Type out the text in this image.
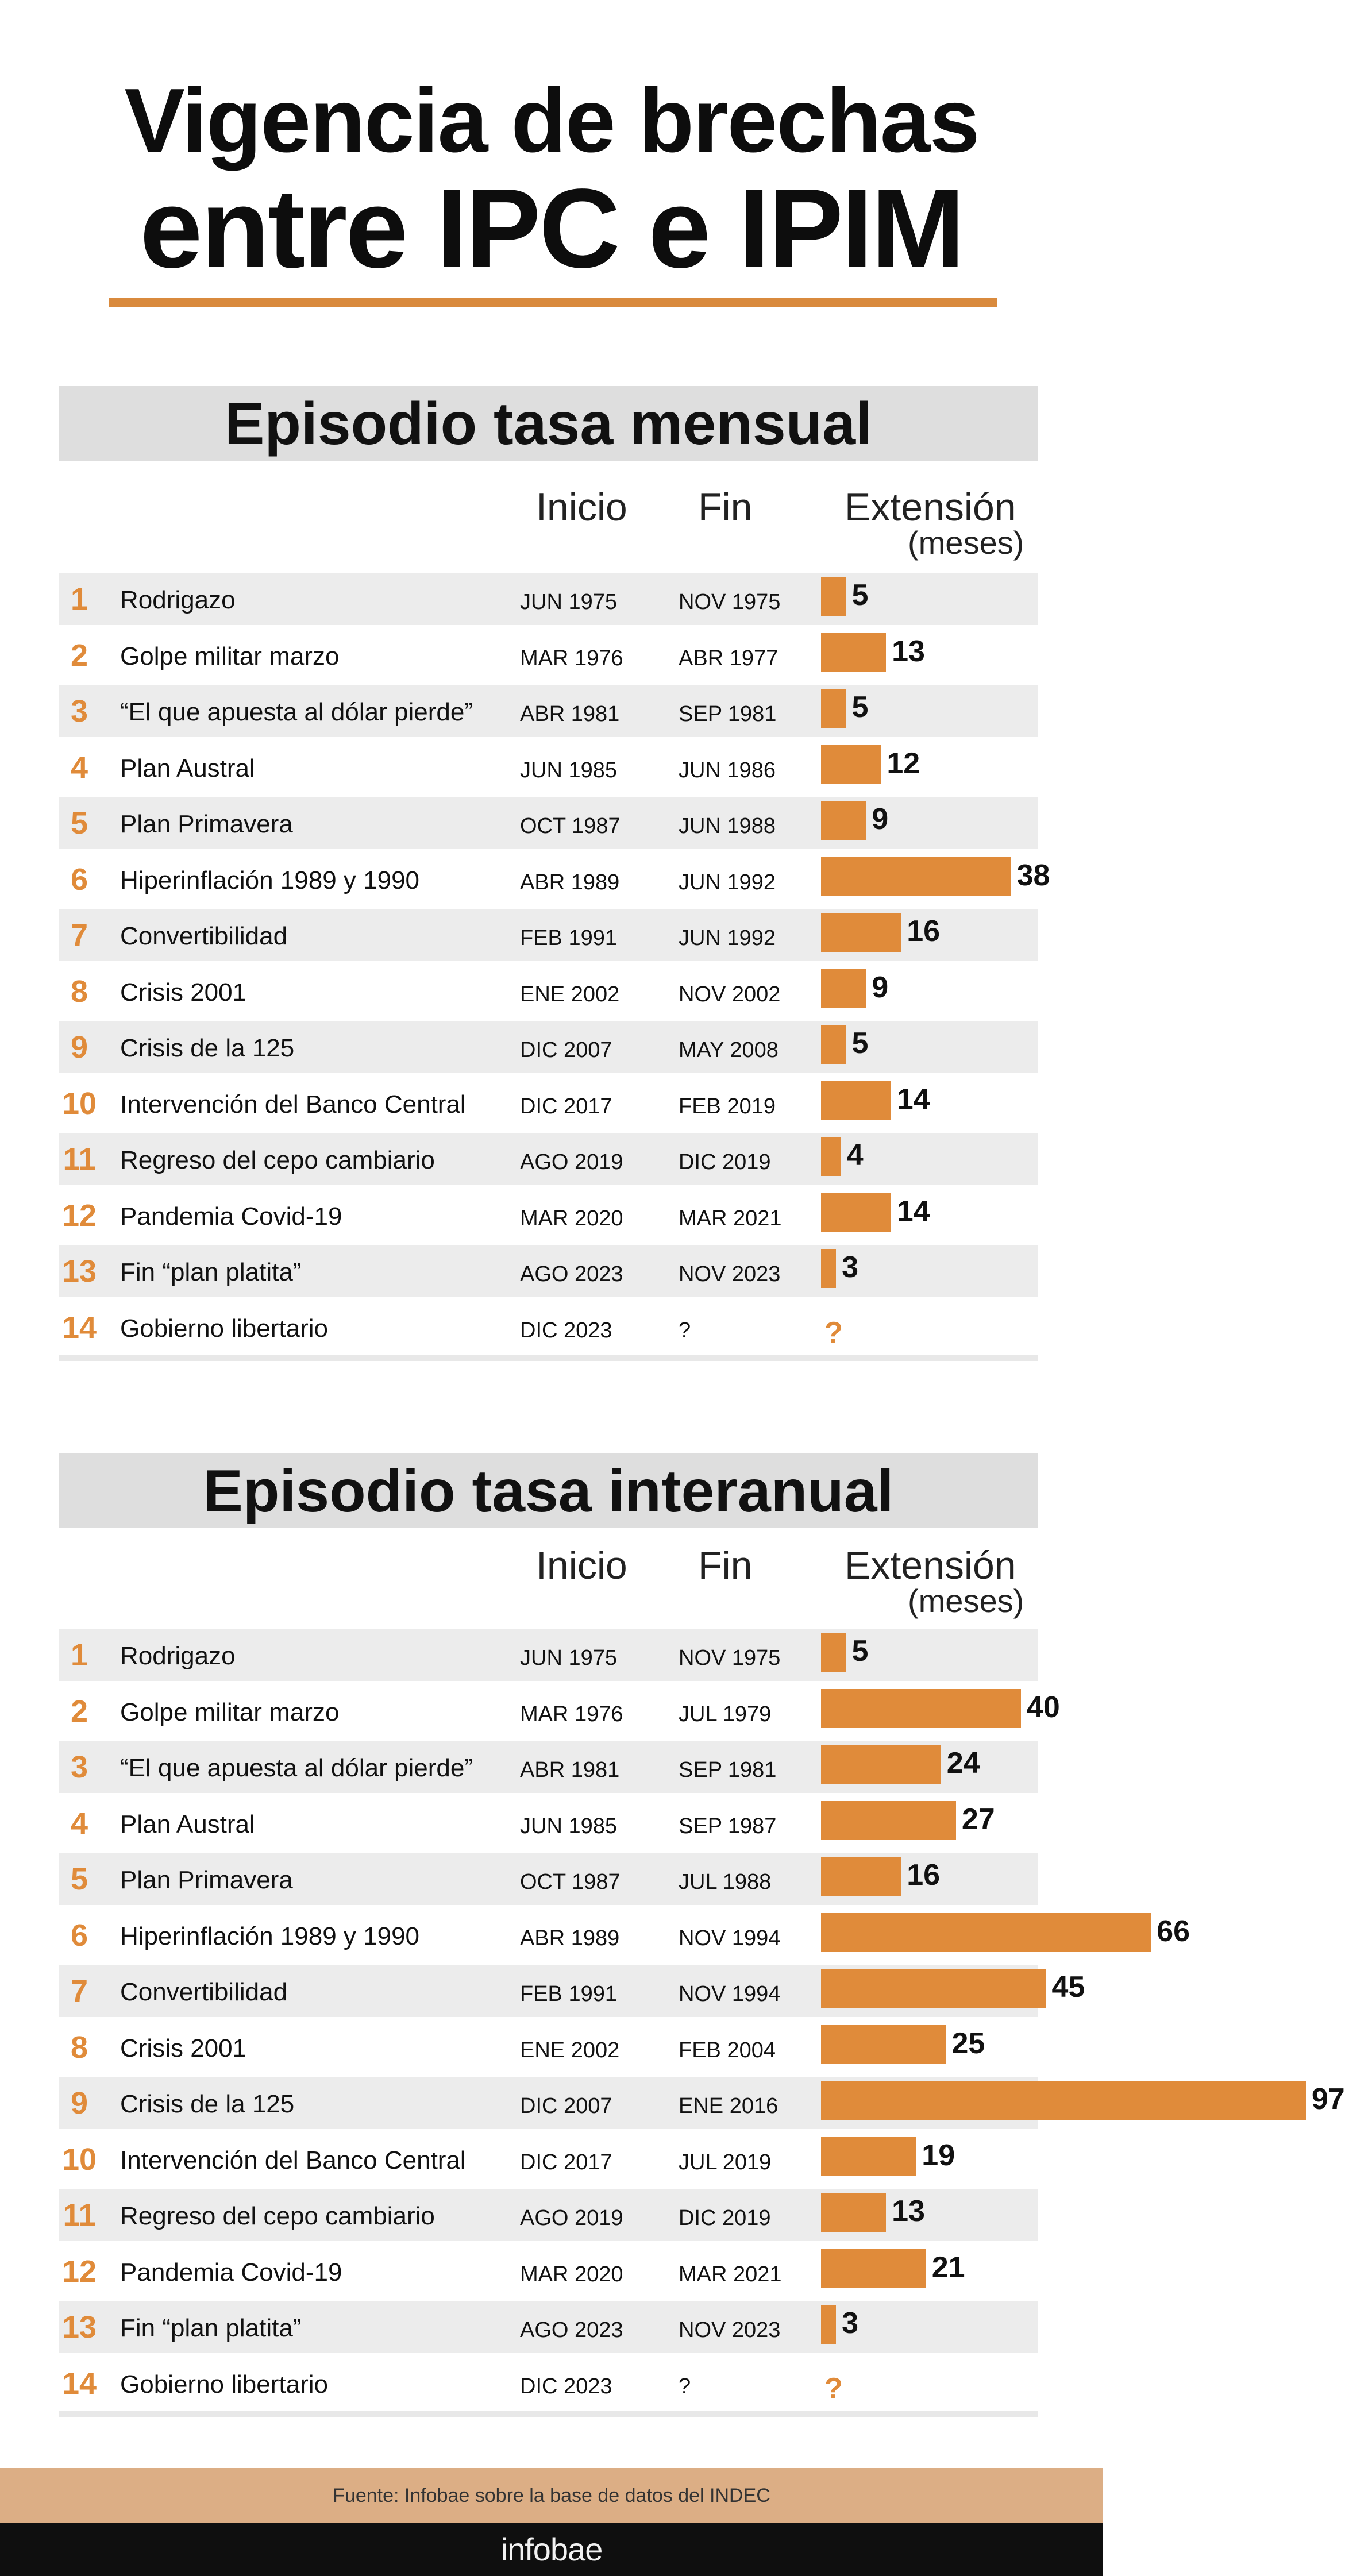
Vigencia de brechas
entre IPC e IPIM
Episodio tasa mensual
Inicio Fin Extensión
(meses)
1	Rodrigazo	JUN 1975	NOV 1975 5
2	Golpe militar marzo	MAR 1976	ABR 1977	13
3	“El que apuesta al dólar pierde” ABR 1981	SEP 1981	5
4	Plan Austral	JUN 1985	JUN 1986	12
5	Plan Primavera	OCT 1987	JUN 1988	9
6	Hiperinflación 1989 y 1990	ABR 1989	JUN 1992	38
7	Convertibilidad	FEB 1991	JUN 1992	16
8	Crisis 2001	ENE 2002	NOV 2002	9
9	Crisis de la 125	DIC 2007	MAY 2008 5
10 Intervención del Banco Central DIC 2017	FEB 2019	14
11 Regreso del cepo cambiario	AGO 2019	DIC 2019	4
12 Pandemia Covid-19	MAR 2020	MAR 2021	14
13 Fin “plan platita”	AGO 2023	NOV 2023 3
14 Gobierno libertario	DIC 2023	?	?
Episodio tasa interanual
Inicio Fin Extensión
(meses)
1	Rodrigazo	JUN 1975	NOV 1975 5
2	Golpe militar marzo	MAR 1976	JUL 1979	40
3	“El que apuesta al dólar pierde” ABR 1981	SEP 1981	24
4	Plan Austral	JUN 1985	SEP 1987	27
5	Plan Primavera	OCT 1987	JUL 1988	16
6	Hiperinflación 1989 y 1990	ABR 1989	NOV 1994	66
7	Convertibilidad	FEB 1991	NOV 1994	45
8	Crisis 2001	ENE 2002	FEB 2004	25
9	Crisis de la 125	DIC 2007	ENE 2016	97
10 Intervención del Banco Central DIC 2017	JUL 2019	19
11 Regreso del cepo cambiario	AGO 2019	DIC 2019	13
12 Pandemia Covid-19	MAR 2020	MAR 2021	21
13 Fin “plan platita”	AGO 2023	NOV 2023 3
14 Gobierno libertario	DIC 2023	?	?
Fuente: Infobae sobre la base de datos del INDEC
infobae
